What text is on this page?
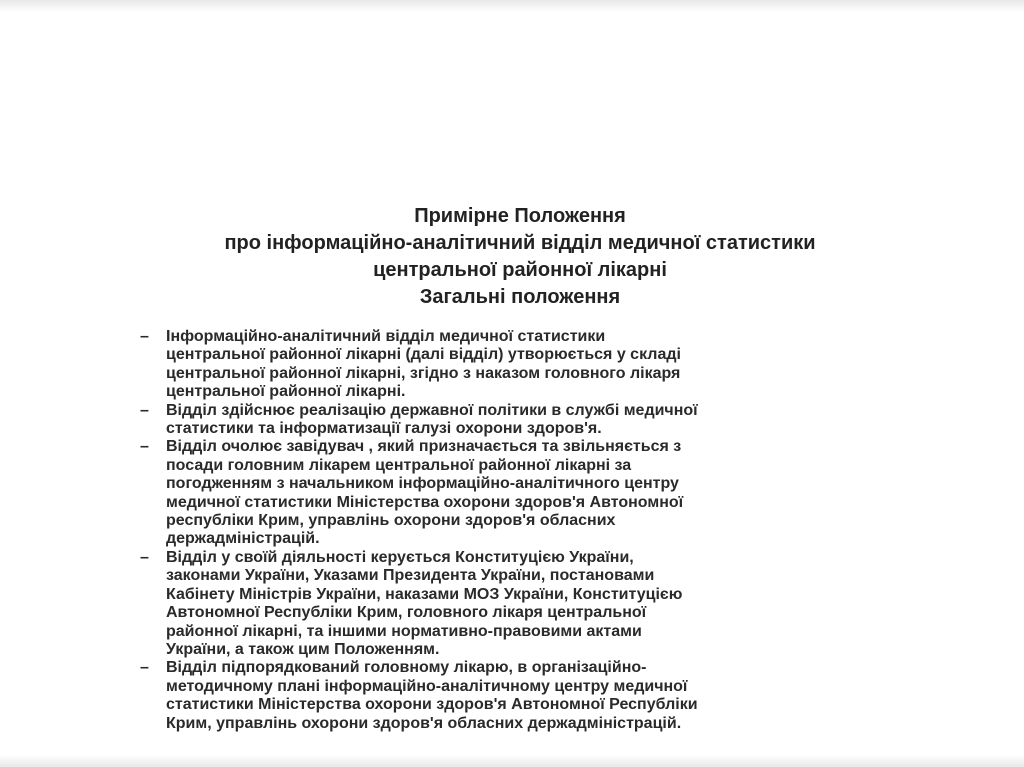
Примірне Положення
про інформаційно-аналітичний відділ медичної статистики
центральної районної лікарні
Загальні положення
– Інформаційно-аналітичний відділ медичної статистики
центральної районної лікарні (далі відділ) утворюється у складі
центральної районної лікарні, згідно з наказом головного лікаря
центральної районної лікарні.
– Відділ здійснює реалізацію державної політики в службі медичної
статистики та інформатизації галузі охорони здоров'я.
– Відділ очолює завідувач , який призначається та звільняється з
посади головним лікарем центральної районної лікарні за
погодженням з начальником інформаційно-аналітичного центру
медичної статистики Міністерства охорони здоров'я Автономної
республіки Крим, управлінь охорони здоров'я обласних
держадміністрацій.
– Відділ у своїй діяльності керується Конституцією України,
законами України, Указами Президента України, постановами
Кабінету Міністрів України, наказами МОЗ України, Конституцією
Автономної Республіки Крим, головного лікаря центральної
районної лікарні, та іншими нормативно-правовими актами
України, а також цим Положенням.
– Відділ підпорядкований головному лікарю, в організаційно-
методичному плані інформаційно-аналітичному центру медичної
статистики Міністерства охорони здоров'я Автономної Республіки
Крим, управлінь охорони здоров'я обласних держадміністрацій.
